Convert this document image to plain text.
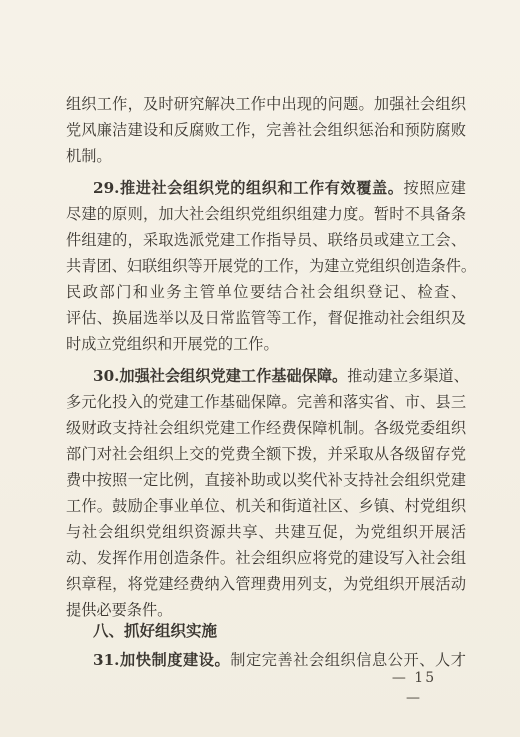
组织工作，及时研究解决工作中出现的问题。加强社会组织
党风廉洁建设和反腐败工作，完善社会组织惩治和预防腐败
机制。
29.推进社会组织党的组织和工作有效覆盖。按照应建
尽建的原则，加大社会组织党组织组建力度。暂时不具备条
件组建的，采取选派党建工作指导员、联络员或建立工会、
共青团、妇联组织等开展党的工作，为建立党组织创造条件。
民政部门和业务主管单位要结合社会组织登记、检查、
评估、换届选举以及日常监管等工作，督促推动社会组织及
时成立党组织和开展党的工作。
30.加强社会组织党建工作基础保障。推动建立多渠道、
多元化投入的党建工作基础保障。完善和落实省、市、县三
级财政支持社会组织党建工作经费保障机制。各级党委组织
部门对社会组织上交的党费全额下拨，并采取从各级留存党
费中按照一定比例，直接补助或以奖代补支持社会组织党建
工作。鼓励企事业单位、机关和街道社区、乡镇、村党组织
与社会组织党组织资源共享、共建互促，为党组织开展活
动、发挥作用创造条件。社会组织应将党的建设写入社会组
织章程，将党建经费纳入管理费用列支，为党组织开展活动
提供必要条件。
八、抓好组织实施
31.加快制度建设。制定完善社会组织信息公开、人才
— 15 —
